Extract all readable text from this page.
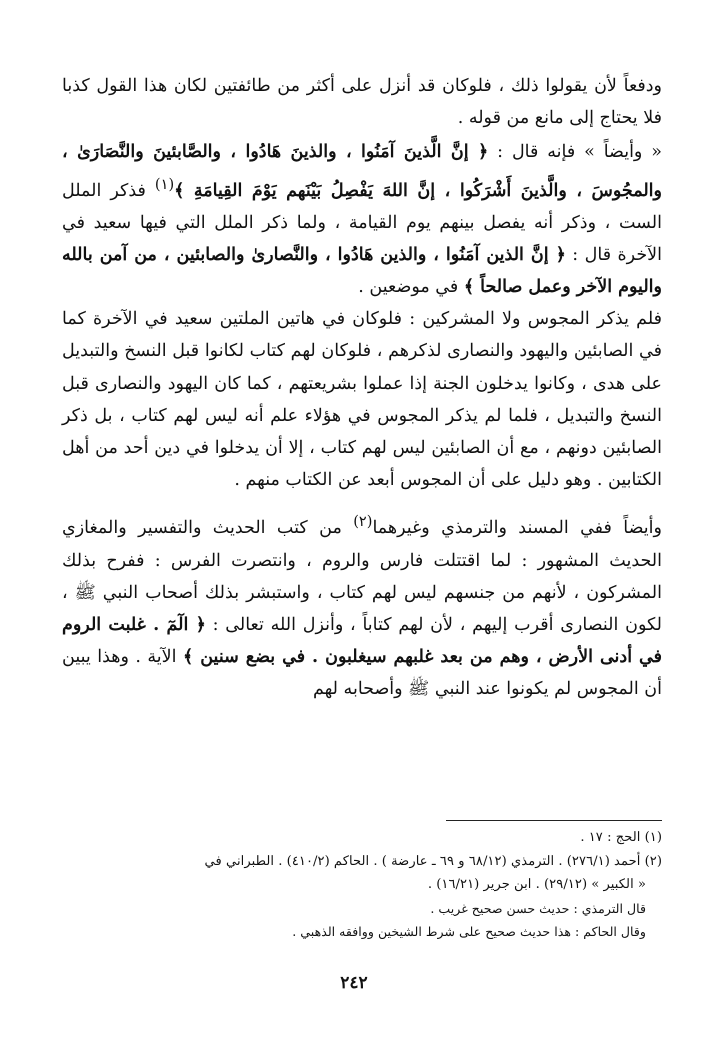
ودفعاً لأن يقولوا ذلك ، فلوكان قد أنزل على أكثر من طائفتين لكان هذا القول كذبا فلا يحتاج إلى مانع من قوله .

« وأيضاً » فإنه قال : ﴿ إنَّ الَّذينَ آمَنُوا ، والذينَ هَادُوا ، والصَّابئينَ والنَّصَارَىٰ ، والمجُوسَ ، والَّذينَ أَشْرَكُوا ، إنَّ اللهَ يَفْصِلُ بَيْنَهم يَوْمَ القِيامَةِ ﴾$^{(١)}$ فذكر الملل الست ، وذكر أنه يفصل بينهم يوم القيامة ، ولما ذكر الملل التي فيها سعيد في الآخرة قال : ﴿ إنَّ الذين آمَنُوا ، والذين هَادُوا ، والنَّصارىٰ والصابئين ، من آمن بالله واليوم الآخر وعمل صالحاً ﴾ في موضعين .

فلم يذكر المجوس ولا المشركين : فلوكان في هاتين الملتين سعيد في الآخرة كما في الصابئين واليهود والنصارى لذكرهم ، فلوكان لهم كتاب لكانوا قبل النسخ والتبديل على هدى ، وكانوا يدخلون الجنة إذا عملوا بشريعتهم ، كما كان اليهود والنصارى قبل النسخ والتبديل ، فلما لم يذكر المجوس في هؤلاء علم أنه ليس لهم كتاب ، بل ذكر الصابئين دونهم ، مع أن الصابئين ليس لهم كتاب ، إلا أن يدخلوا في دين أحد من أهل الكتابين . وهو دليل على أن المجوس أبعد عن الكتاب منهم .

وأيضاً ففي المسند والترمذي وغيرهما$^{(٢)}$ من كتب الحديث والتفسير والمغازي الحديث المشهور : لما اقتتلت فارس والروم ، وانتصرت الفرس : ففرح بذلك المشركون ، لأنهم من جنسهم ليس لهم كتاب ، واستبشر بذلك أصحاب النبي ﷺ ، لكون النصارى أقرب إليهم ، لأن لهم كتاباً ، وأنزل الله تعالى : ﴿ الٓمٓ . غلبت الروم في أدنى الأرض ، وهم من بعد غلبهم سيغلبون . في بضع سنين ﴾ الآية . وهذا يبين أن المجوس لم يكونوا عند النبي ﷺ وأصحابه لهم

(١) الحج : ١٧ .
(٢) أحمد (٢٧٦/١) . الترمذي (٦٨/١٢ و ٦٩ ـ عارضة ) . الحاكم (٤١٠/٢) . الطبراني في
« الكبير » (٢٩/١٢) . ابن جرير (١٦/٢١) .
قال الترمذي : حديث حسن صحيح غريب .
وقال الحاكم : هذا حديث صحيح على شرط الشيخين ووافقه الذهبي .
٢٤٢
